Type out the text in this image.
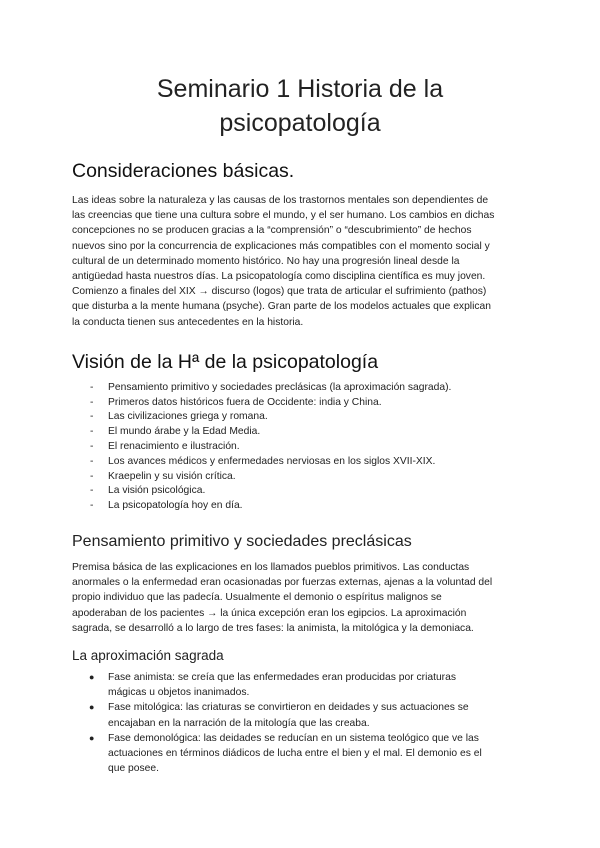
Seminario 1 Historia de la
psicopatología
Consideraciones básicas.

Las ideas sobre la naturaleza y las causas de los trastornos mentales son dependientes de
las creencias que tiene una cultura sobre el mundo, y el ser humano. Los cambios en dichas
concepciones no se producen gracias a la “comprensión” o “descubrimiento” de hechos
nuevos sino por la concurrencia de explicaciones más compatibles con el momento social y
cultural de un determinado momento histórico. No hay una progresión lineal desde la
antigüedad hasta nuestros días. La psicopatología como disciplina científica es muy joven.
Comienzo a finales del XIX → discurso (logos) que trata de articular el sufrimiento (pathos)
que disturba a la mente humana (psyche). Gran parte de los modelos actuales que explican
la conducta tienen sus antecedentes en la historia.

Visión de la Hª de la psicopatología
- Pensamiento primitivo y sociedades preclásicas (la aproximación sagrada).
- Primeros datos históricos fuera de Occidente: india y China.
- Las civilizaciones griega y romana.
- El mundo árabe y la Edad Media.
- El renacimiento e ilustración.
- Los avances médicos y enfermedades nerviosas en los siglos XVII-XIX.
- Kraepelin y su visión crítica.
- La visión psicológica.
- La psicopatología hoy en día.
Pensamiento primitivo y sociedades preclásicas

Premisa básica de las explicaciones en los llamados pueblos primitivos. Las conductas
anormales o la enfermedad eran ocasionadas por fuerzas externas, ajenas a la voluntad del
propio individuo que las padecía. Usualmente el demonio o espíritus malignos se
apoderaban de los pacientes → la única excepción eran los egipcios. La aproximación
sagrada, se desarrolló a lo largo de tres fases: la animista, la mitológica y la demoniaca.

La aproximación sagrada
● Fase animista: se creía que las enfermedades eran producidas por criaturas
mágicas u objetos inanimados.
● Fase mitológica: las criaturas se convirtieron en deidades y sus actuaciones se
encajaban en la narración de la mitología que las creaba.
● Fase demonológica: las deidades se reducían en un sistema teológico que ve las
actuaciones en términos diádicos de lucha entre el bien y el mal. El demonio es el
que posee.
